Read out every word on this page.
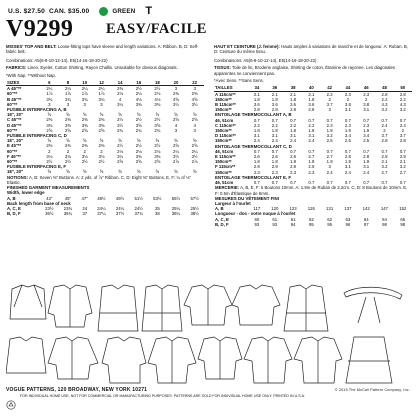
U.S. $27.50 CAN. $35.00	GREEN T
V9299 EASY/FACILE
MISSES' TOP AND BELT: Loose-fitting tops have sleeve and length variations. A: Ribbon. B, D: Self-fabric belt.
Combinations: A5(6-8-10-12-14), E5(14-16-18-20-22)
FABRICS: Linen, Eyelet, Cotton Shirting, Rayon Challis. Unsuitable for obvious diagonals.
*With Nap. **Without Nap.
SIZES	6	8	10	12	14	16	18	20	22
A 45"**	2¼	2¼	2¼	2¼	2⅜	2½	2½	3	3
60"**	1⅞	1⅞	1⅞	1⅞	2⅛	2⅛	2⅛	2⅜	2⅜
B 45"**	3¾	3¾	3¾	3¾	4	4⅛	4⅛	4⅝	4⅝
60"**	3	3	3	3	3¼	3⅜	3⅜	3½	3½
FUSIBLE INTERFACING A, B									
18", 20"	⅝	⅝	⅝	⅝	⅝	⅝	⅝	⅝	⅝
C 45"**	2⅜	2⅜	2⅜	2⅜	2½	2½	2½	2⅝	2⅝
D 45"**	3⅜	3⅜	3⅜	3⅜	3½	3⅝	3⅝	4	4
60"**	2⅝	2⅝	2⅝	2⅝	2¾	2¾	2¾	3	3
FUSIBLE INTERFACING C, D									
18", 20"	⅝	⅝	⅝	⅝	⅝	⅝	⅝	⅝	⅝
E 45"**	2⅜	2⅜	2⅜	2⅜	2½	2½	2½	2⅝	2⅝
60"**	2	2	2	2	2⅛	2⅛	2⅛	2¼	2¼
F 45"**	3⅛	3⅛	3⅛	3⅛	3¼	3⅜	3⅜	3½	3½
60"**	2½	2½	2½	2½	2⅝	2⅝	2⅝	2⅞	2⅞
FUSIBLE INTERFACING E, F									
18", 20"	⅝	⅝	⅝	⅝	⅝	⅝	⅝	⅝	⅝
NOTIONS: A, B: Seven ⅜" Buttons. A: 2 yds. of ⅞" Ribbon. C, D: Eight ⅜" Buttons. E, F: ¼ of ⅛" Elastic.									
FINISHED GARMENT MEASUREMENTS									
Width, lower edge									
A, B	43"	45"	47"	48½	49½	51½	53½	55½	57½
Back length from base of neck									
A, C, E	23½	23¾	24	24¼	24¼	24½	25	25¼	25½
B, D, F	36½	36¾	37	37¼	37½	37¾	38	38¼	38½
HAUT ET CEINTURE (J. femme): Hauts amples à variations de manche et de longueur. A: Ruban. B, D: Ceinture du même tissu.
Combinaisons: A5(6-8-10-12-14), E5(14-16-18-20-22)
TISSUS: Toile de lin, Broderie anglaise, Shirting de coton, Étamine de rayonne. Les diagonales apparentes ne conviennent pas.
*Avec Sens. **Sans Sens.
TAILLES	34	36	38	40	42	44	46	48	50
A 115cm**	2.1	2.1	2.1	2.1	2.2	2.3	2.3	2.8	2.8
150cm**	1.8	1.8	1.8	1.8	2	2	2	2.2	2.2
B 115cm**	3.6	3.6	3.6	3.6	3.7	3.8	3.8	4.3	4.3
150cm**	2.8	2.8	2.8	2.8	3	3.1	3.1	3.2	3.2
ENTOILAGE THERMOCOLLANT A, B									
46, 51cm	0.7	0.7	0.7	0.7	0.7	0.7	0.7	0.7	0.7
C 115cm**	2.2	2.2	2.2	2.2	2.3	2.3	2.3	2.4	2.4
150cm**	1.8	1.8	1.8	1.8	1.9	1.9	1.9	2	2
D 115cm**	3.1	3.1	3.1	3.1	3.2	3.4	3.4	3.7	3.7
150cm**	2.4	2.4	2.4	2.4	2.5	2.5	2.5	2.8	2.8
ENTOILAGE THERMOCOLLANT C, D									
46, 51cm	0.7	0.7	0.7	0.7	0.7	0.7	0.7	0.7	0.7
E 115cm**	2.6	2.6	2.6	2.7	2.7	2.8	2.8	2.9	2.9
150cm**	1.8	1.8	1.8	1.8	1.9	1.9	1.9	2.1	2.1
F 115cm**	2.9	2.9	2.9	2.9	3	3.1	3.1	3.2	3.2
150cm**	2.3	2.3	2.3	2.3	2.4	2.4	2.4	2.7	2.7
ENTOILAGE THERMOCOLLANT E, F									
46, 51cm	0.7	0.7	0.7	0.7	0.7	0.7	0.7	0.7	0.7
MERCERIE: A, B, E, F: 6 Boutons 10mm. A: 1.9m de Ruban de 2.2cm. C, D: 8 Boutons de 10mm. E, F: 0.5m d'Élastique de 6mm.									
MESURES DU VÊTEMENT FINI									
Largeur à l'ourlet									
A, B	117	120	123	126	131	137	142	147	152
Longueur - dos - votre nuque à l'ourlet									
A, C, E	60	61	61	62	62	63	64	64	65
B, D, F	93	93	94	95	95	96	97	98	98
VOGUE PATTERNS, 120 BROADWAY, NEW YORK 10271	© 2019 The McCall Pattern Company, Inc.
FOR INDIVIDUAL HOME USE, NOT FOR COMMERCIAL OR MANUFACTURING PURPOSES. PATTERNS ARE SOLD FOR INDIVIDUAL HOME USE ONLY. PRINTED IN U.S.A.
